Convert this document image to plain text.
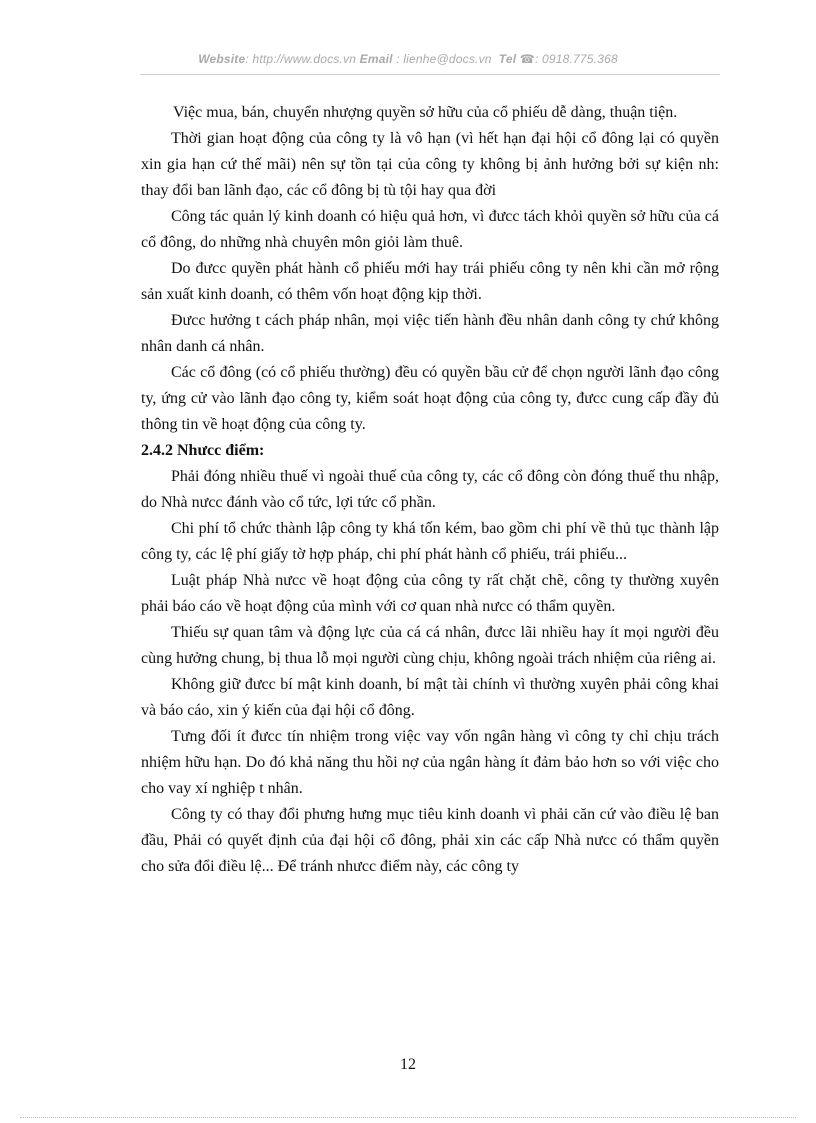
Website: http://www.docs.vn Email : lienhe@docs.vn Tel ☎: 0918.775.368

Việc mua, bán, chuyển nhượng quyền sở hữu của cổ phiếu dễ dàng, thuận tiện.

Thời gian hoạt động của công ty là vô hạn (vì hết hạn đại hội cổ đông lại có quyền xin gia hạn cứ thế mãi) nên sự tồn tại của công ty không bị ảnh hưởng bởi sự kiện nh: thay đổi ban lãnh đạo, các cổ đông bị tù tội hay qua đời

Công tác quản lý kinh doanh có hiệu quả hơn, vì đưcc tách khỏi quyền sở hữu của cá cổ đông, do những nhà chuyên môn giỏi làm thuê.

Do đưcc quyền phát hành cổ phiếu mới hay trái phiếu công ty nên khi cần mở rộng sản xuất kinh doanh, có thêm vốn hoạt động kịp thời.

Đưcc hưởng t cách pháp nhân, mọi việc tiến hành đều nhân danh công ty chứ không nhân danh cá nhân.

Các cổ đông (có cổ phiếu thường) đều có quyền bầu cử để chọn người lãnh đạo công ty, ứng cử vào lãnh đạo công ty, kiểm soát hoạt động của công ty, đưcc cung cấp đầy đủ thông tin về hoạt động của công ty.

2.4.2 Nhưcc điểm:

Phải đóng nhiều thuế vì ngoài thuế của công ty, các cổ đông còn đóng thuế thu nhập, do Nhà nưcc đánh vào cổ tức, lợi tức cổ phần.

Chi phí tổ chức thành lập công ty khá tốn kém, bao gồm chi phí về thủ tục thành lập công ty, các lệ phí giấy tờ hợp pháp, chi phí phát hành cổ phiếu, trái phiếu...

Luật pháp Nhà nưcc về hoạt động của công ty rất chặt chẽ, công ty thường xuyên phải báo cáo về hoạt động của mình với cơ quan nhà nưcc có thẩm quyền.

Thiếu sự quan tâm và động lực của cá cá nhân, đưcc lãi nhiều hay ít mọi người đều cùng hưởng chung, bị thua lỗ mọi người cùng chịu, không ngoài trách nhiệm của riêng ai.

Không giữ đưcc bí mật kinh doanh, bí mật tài chính vì thường xuyên phải công khai và báo cáo, xin ý kiến của đại hội cổ đông.

Tưng đối ít đưcc tín nhiệm trong việc vay vốn ngân hàng vì công ty chỉ chịu trách nhiệm hữu hạn. Do đó khả năng thu hồi nợ của ngân hàng ít đảm bảo hơn so với việc cho cho vay xí nghiệp t nhân.

Công ty có thay đổi phưng hưng mục tiêu kinh doanh vì phải căn cứ vào điều lệ ban đầu, Phải có quyết định của đại hội cổ đông, phải xin các cấp Nhà nưcc có thẩm quyền cho sửa đổi điều lệ... Để tránh nhưcc điểm này, các công ty

12
